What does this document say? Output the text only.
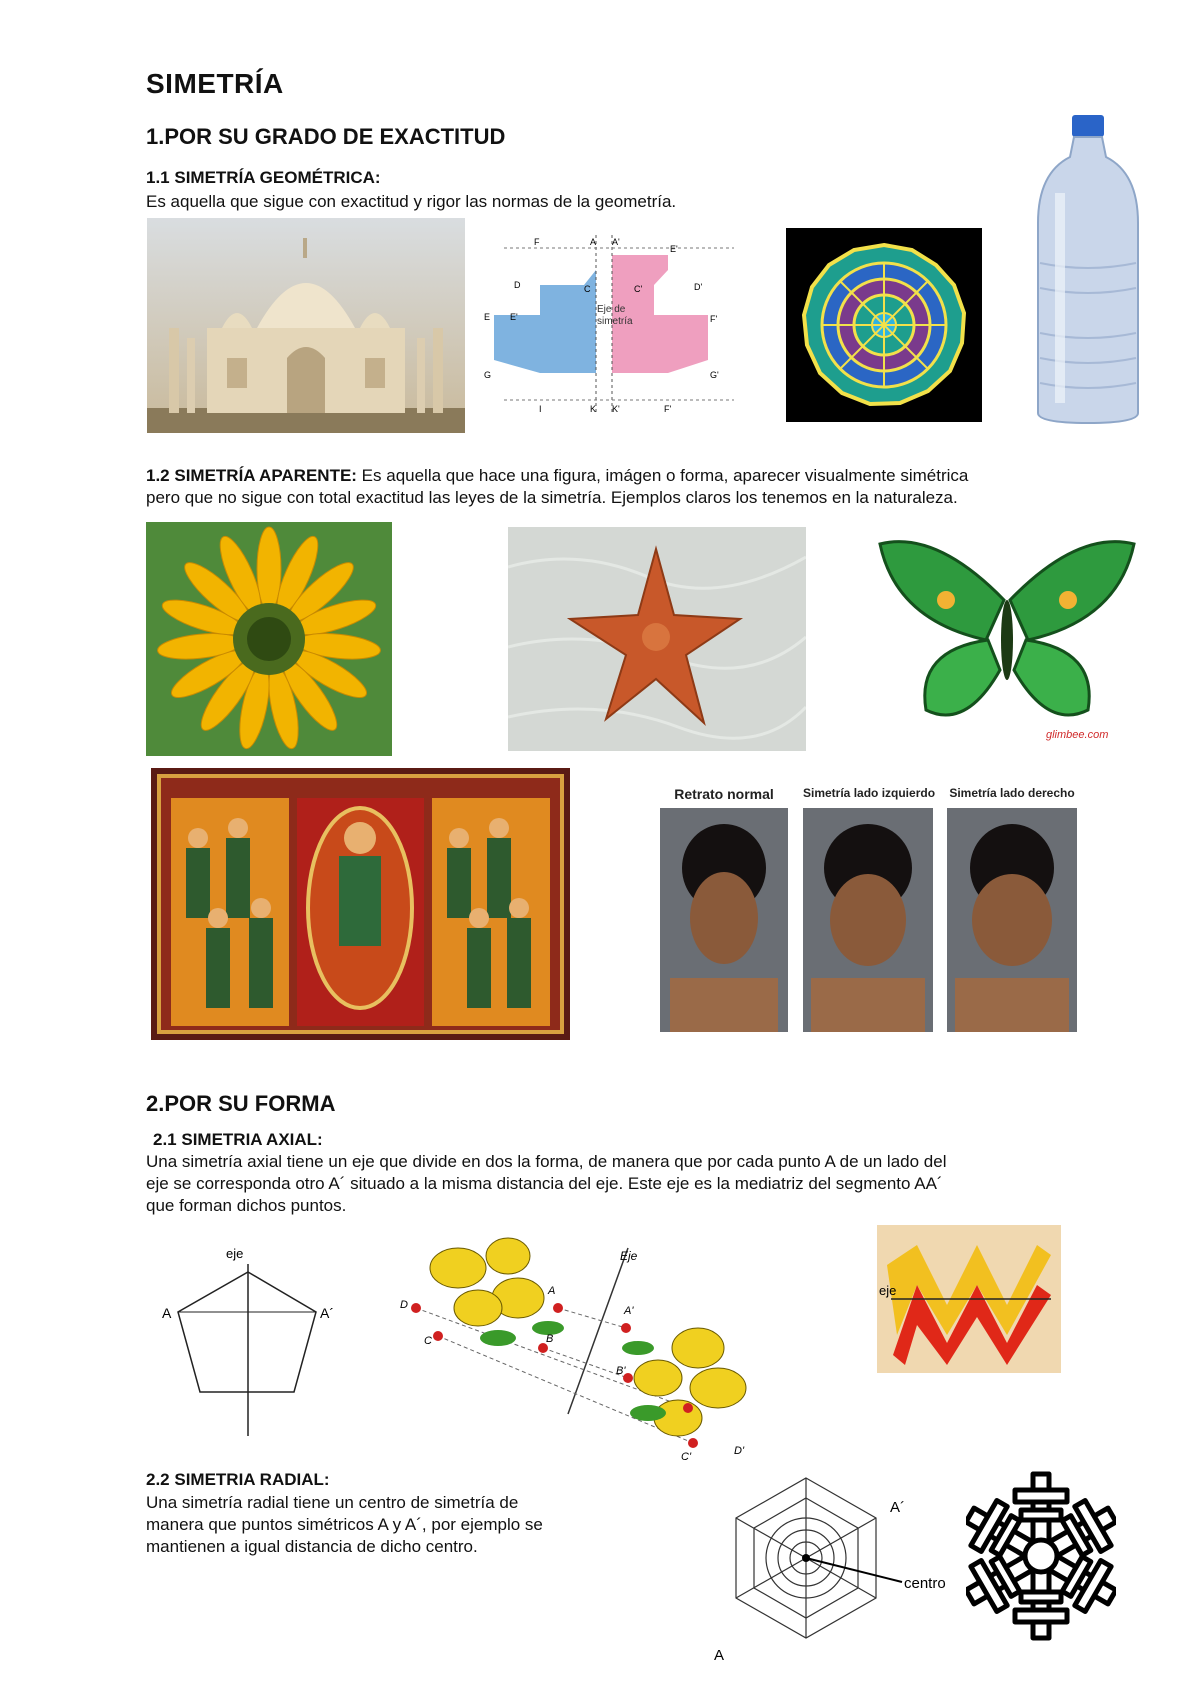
SIMETRÍA
1.POR SU GRADO DE EXACTITUD
1.1 SIMETRÍA GEOMÉTRICA:
Es aquella que sigue con exactitud y rigor las normas de la geometría.
Eje de
simetría
F	A A'
E'
D	C	C'	D'
E E'	F'
G	G'
I	K K'	F'
1.2 SIMETRÍA APARENTE: Es aquella que hace una figura, imágen o forma, aparecer visualmente simétrica
pero que no sigue con total exactitud las leyes de la simetría. Ejemplos claros los tenemos en la naturaleza.
glimbee.com
Retrato normal	Simetría lado izquierdo Simetría lado derecho
2.POR SU FORMA
2.1 SIMETRIA AXIAL:
Una simetría axial tiene un eje que divide en dos la forma, de manera que por cada punto A de un lado del
eje se corresponda otro A´ situado a la misma distancia del eje. Este eje es la mediatriz del segmento AA´
que forman dichos puntos.
eje
A	A´
Eje
D
A
A'
C	B
B'
C'	D'
eje
2.2 SIMETRIA RADIAL:
Una simetría radial tiene un centro de simetría de
manera que puntos simétricos A y A´, por ejemplo se
mantienen a igual distancia de dicho centro.
A´
A
centro
